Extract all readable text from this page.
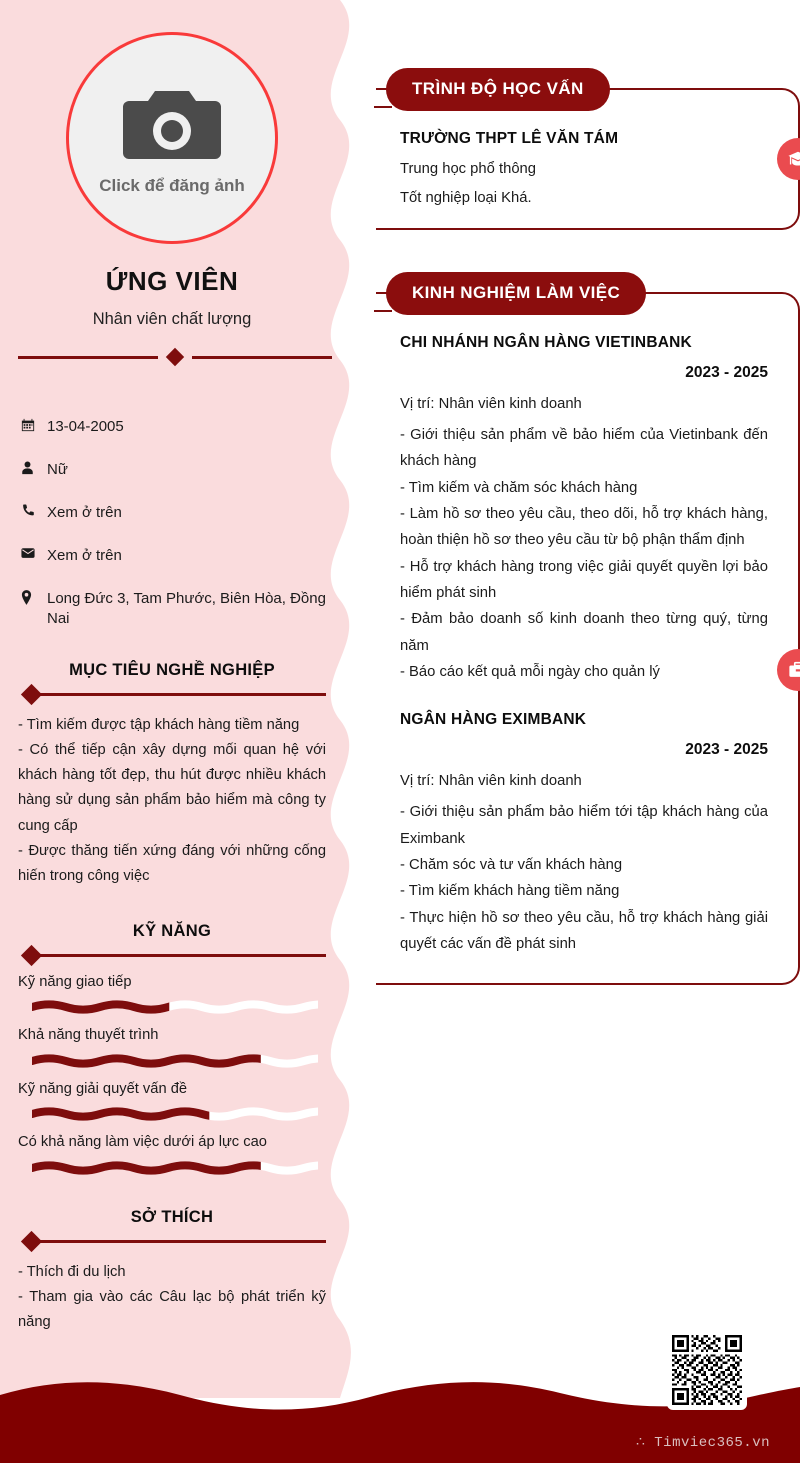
Click để đăng ảnh
ỨNG VIÊN
Nhân viên chất lượng
13-04-2005
Nữ
Xem ở trên
Xem ở trên
Long Đức 3, Tam Phước, Biên Hòa, Đồng Nai
MỤC TIÊU NGHỀ NGHIỆP
- Tìm kiếm được tập khách hàng tiềm năng
- Có thể tiếp cận xây dựng mối quan hệ với khách hàng tốt đẹp, thu hút được nhiều khách hàng sử dụng sản phẩm bảo hiểm mà công ty cung cấp
- Được thăng tiến xứng đáng với những cống hiến trong công việc
KỸ NĂNG
Kỹ năng giao tiếp
Khả năng thuyết trình
Kỹ năng giải quyết vấn đề
Có khả năng làm việc dưới áp lực cao
SỞ THÍCH
- Thích đi du lịch
- Tham gia vào các Câu lạc bộ phát triển kỹ năng
TRÌNH ĐỘ HỌC VẤN
TRƯỜNG THPT LÊ VĂN TÁM
Trung học phổ thông
Tốt nghiệp loại Khá.
KINH NGHIỆM LÀM VIỆC
CHI NHÁNH NGÂN HÀNG VIETINBANK
2023 - 2025
Vị trí: Nhân viên kinh doanh
- Giới thiệu sản phẩm về bảo hiểm của Vietinbank đến khách hàng
- Tìm kiếm và chăm sóc khách hàng
- Làm hồ sơ theo yêu cầu, theo dõi, hỗ trợ khách hàng, hoàn thiện hồ sơ theo yêu cầu từ bộ phận thẩm định
- Hỗ trợ khách hàng trong việc giải quyết quyền lợi bảo hiểm phát sinh
- Đảm bảo doanh số kinh doanh theo từng quý, từng năm
- Báo cáo kết quả mỗi ngày cho quản lý
NGÂN HÀNG EXIMBANK
2023 - 2025
Vị trí: Nhân viên kinh doanh
- Giới thiệu sản phẩm bảo hiểm tới tập khách hàng của Eximbank
- Chăm sóc và tư vấn khách hàng
- Tìm kiếm khách hàng tiềm năng
- Thực hiện hồ sơ theo yêu cầu, hỗ trợ khách hàng giải quyết các vấn đề phát sinh
∴ Timviec365.vn
